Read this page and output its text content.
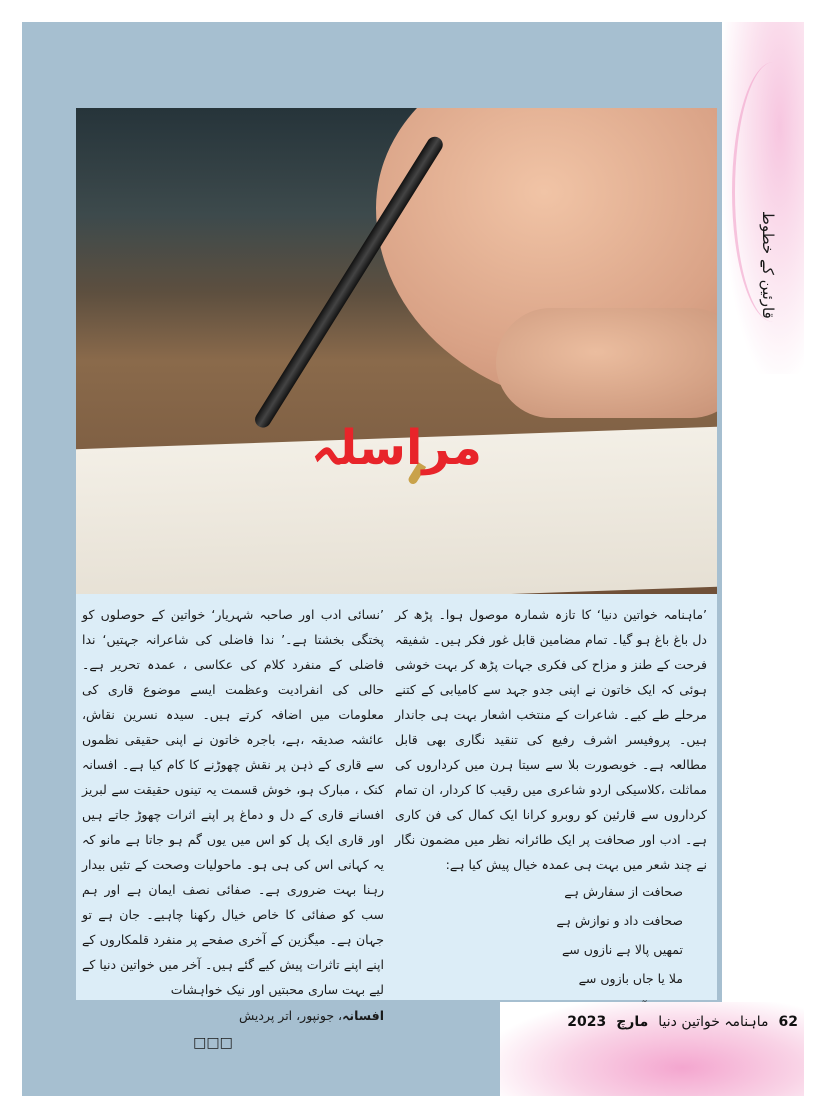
قارئین کے خطوط
مراسلہ
’ماہنامہ خواتین دنیا‘ کا تازہ شمارہ موصول ہوا۔ پڑھ کر دل باغ باغ ہو گیا۔ تمام مضامین قابل غور فکر ہیں۔ شفیقہ فرحت کے طنز و مزاح کی فکری جہات پڑھ کر بہت خوشی ہوئی کہ ایک خاتون نے اپنی جدو جہد سے کامیابی کے کتنے مرحلے طے کیے۔ شاعرات کے منتخب اشعار بہت ہی جاندار ہیں۔ پروفیسر اشرف رفیع کی تنقید نگاری بھی قابل مطالعہ ہے۔ خوبصورت بلا سے سیتا ہرن میں کرداروں کی مماثلت ،کلاسیکی اردو شاعری میں رقیب کا کردار، ان تمام کرداروں سے قارئین کو روبرو کرانا ایک کمال کی فن کاری ہے۔ ادب اور صحافت پر ایک طائرانہ نظر میں مضمون نگار نے چند شعر میں بہت ہی عمدہ خیال پیش کیا ہے:
صحافت از سفارش ہے
صحافت داد و نوازش ہے
تمھیں پالا ہے نازوں سے
ملا یا جاں بازوں سے
’نسائی ادب اور صاحبہ شہریار‘ خواتین کے حوصلوں کو پختگی بخشتا ہے۔’ ندا فاضلی کی شاعرانہ جہتیں‘ ندا فاضلی کے منفرد کلام کی عکاسی ، عمدہ تحریر ہے۔ حالی کی انفرادیت وعظمت ایسے موضوع قاری کی معلومات میں اضافہ کرتے ہیں۔ سیدہ نسرین نقاش، عائشہ صدیقہ ،ہے، باجرہ خاتون نے اپنی حقیقی نظموں سے قاری کے ذہن پر نقش چھوڑنے کا کام کیا ہے۔ افسانہ کنک ، مبارک ہو، خوش قسمت یہ تینوں حقیقت سے لبریز افسانے قاری کے دل و دماغ پر اپنے اثرات چھوڑ جاتے ہیں اور قاری ایک پل کو اس میں یوں گم ہو جاتا ہے مانو کہ یہ کہانی اس کی ہی ہو۔ ماحولیات وصحت کے تئیں بیدار رہنا بہت ضروری ہے۔ صفائی نصف ایمان ہے اور ہم سب کو صفائی کا خاص خیال رکھنا چاہیے۔ جان ہے تو جہان ہے۔ میگزین کے آخری صفحے پر منفرد قلمکاروں کے اپنے اپنے تاثرات پیش کیے گئے ہیں۔ آخر میں خواتین دنیا کے لیے بہت ساری محبتیں اور نیک خواہشات
افسانہ، جونپور، اتر پردیش
□□□
2023 مارچ ماہنامہ خواتین دنیا 62
